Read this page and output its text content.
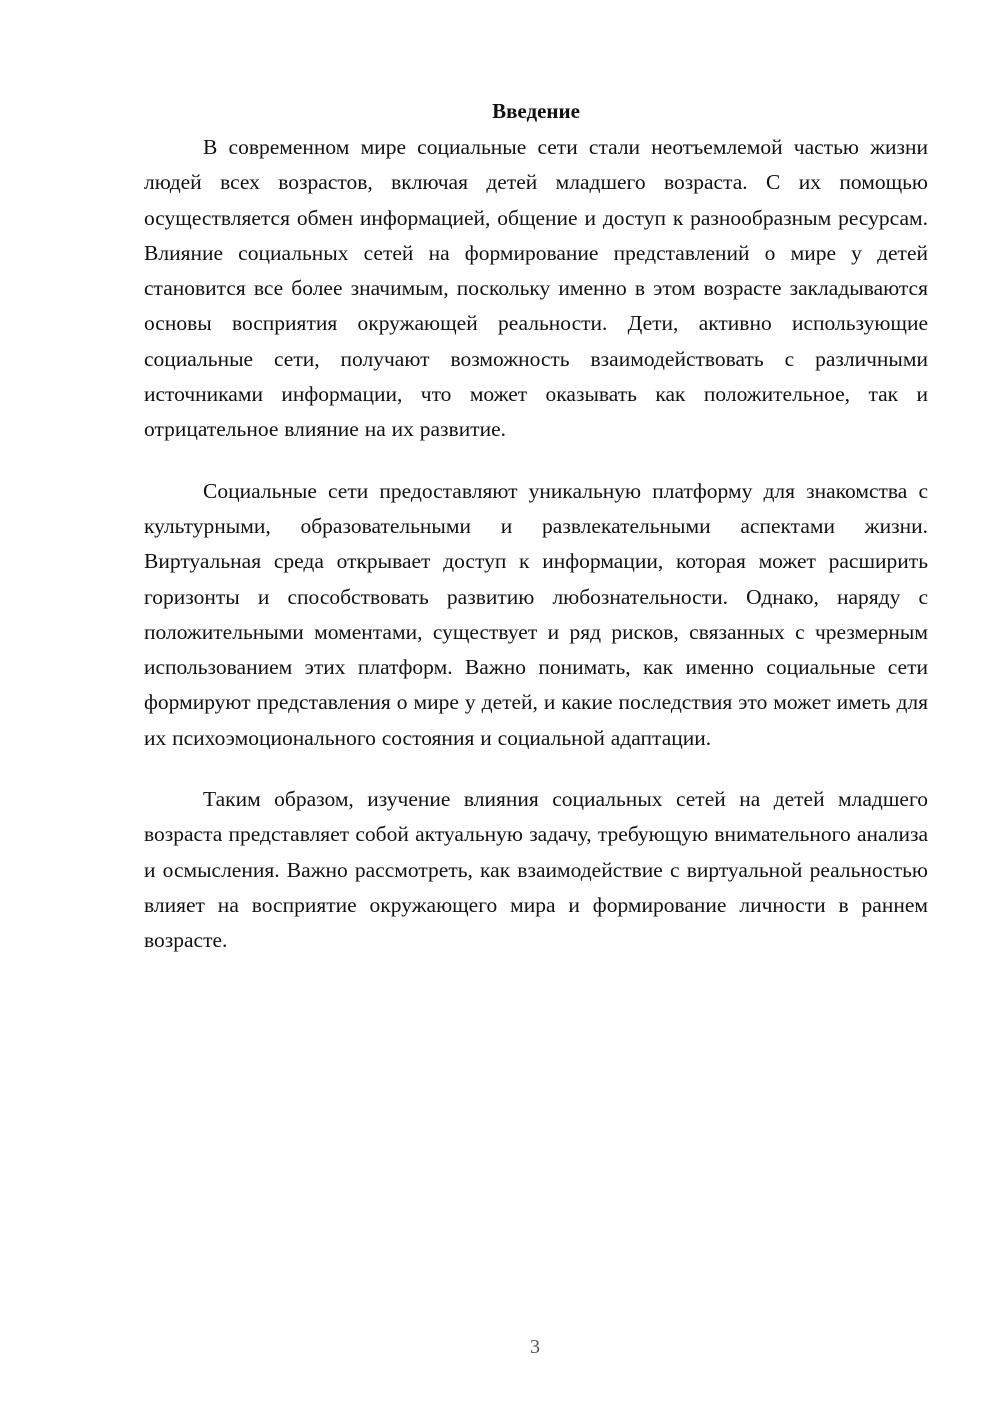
Введение

В современном мире социальные сети стали неотъемлемой частью жизни людей всех возрастов, включая детей младшего возраста. С их помощью осуществляется обмен информацией, общение и доступ к разнообразным ресурсам. Влияние социальных сетей на формирование представлений о мире у детей становится все более значимым, поскольку именно в этом возрасте закладываются основы восприятия окружающей реальности. Дети, активно использующие социальные сети, получают возможность взаимодействовать с различными источниками информации, что может оказывать как положительное, так и отрицательное влияние на их развитие.

Социальные сети предоставляют уникальную платформу для знакомства с культурными, образовательными и развлекательными аспектами жизни. Виртуальная среда открывает доступ к информации, которая может расширить горизонты и способствовать развитию любознательности. Однако, наряду с положительными моментами, существует и ряд рисков, связанных с чрезмерным использованием этих платформ. Важно понимать, как именно социальные сети формируют представления о мире у детей, и какие последствия это может иметь для их психоэмоционального состояния и социальной адаптации.

Таким образом, изучение влияния социальных сетей на детей младшего возраста представляет собой актуальную задачу, требующую внимательного анализа и осмысления. Важно рассмотреть, как взаимодействие с виртуальной реальностью влияет на восприятие окружающего мира и формирование личности в раннем возрасте.

3
